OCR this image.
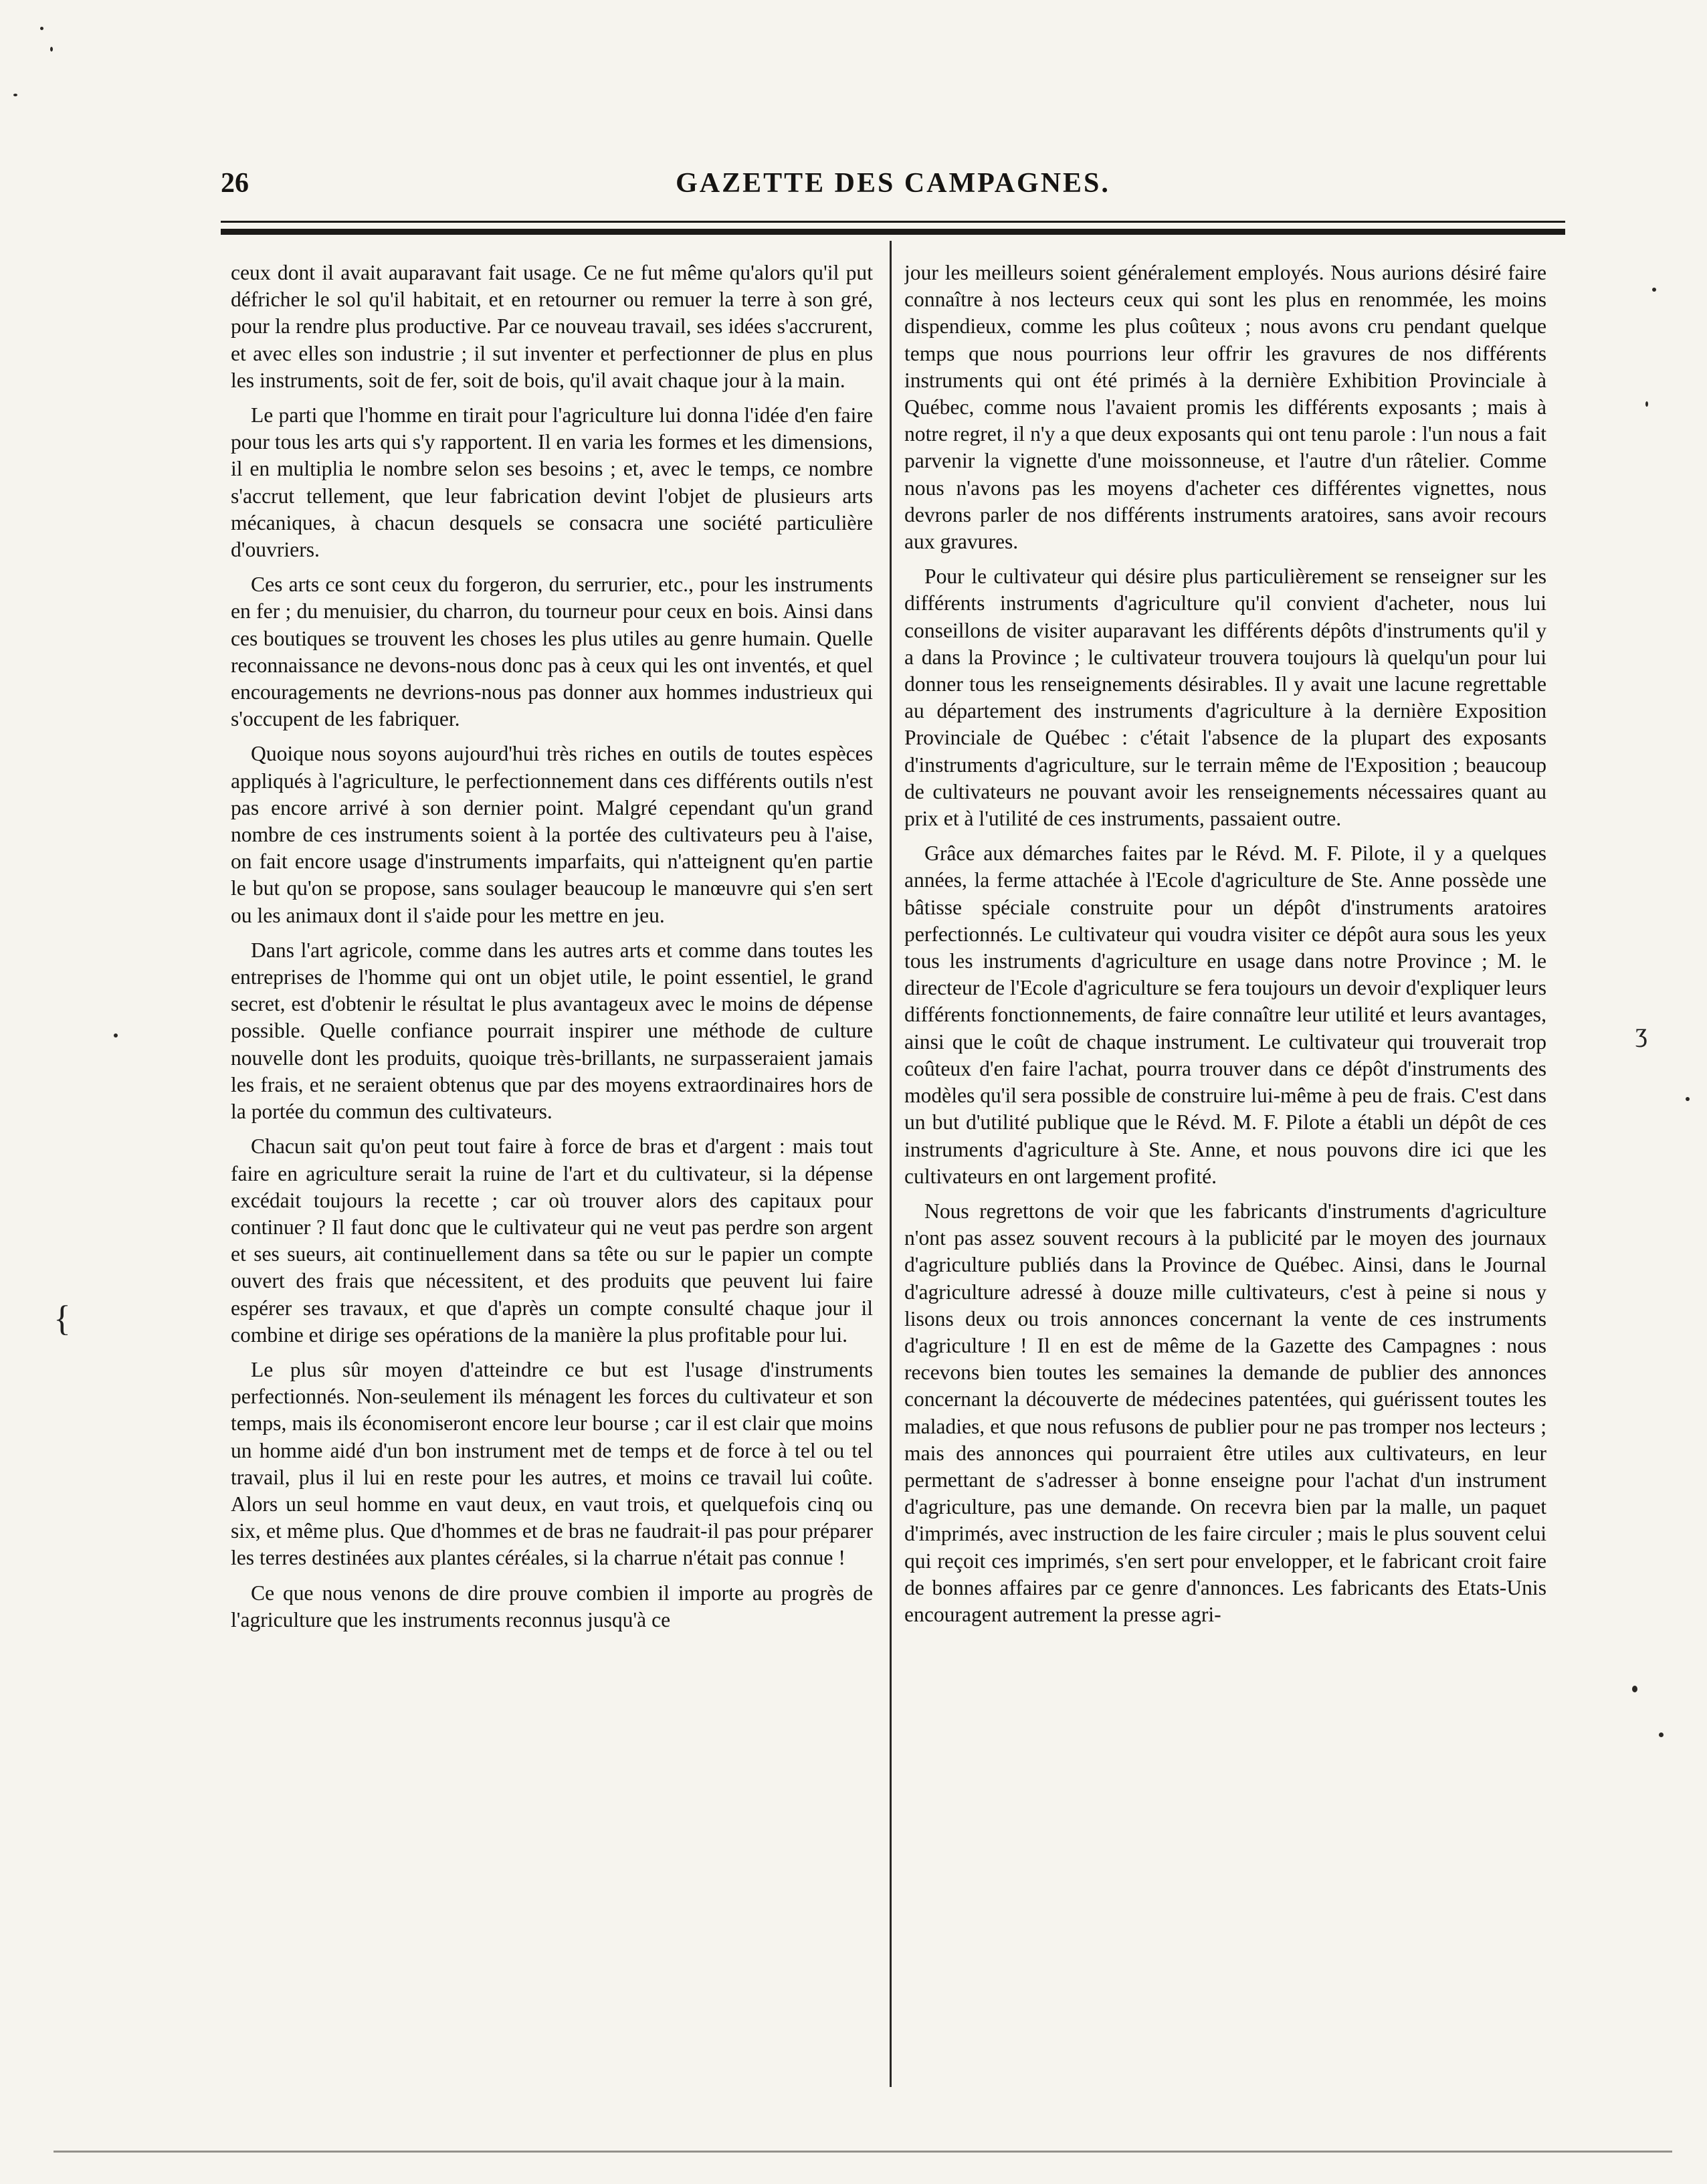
{
ʒ
26	GAZETTE DES CAMPAGNES.

ceux dont il avait auparavant fait usage. Ce ne fut même qu'alors qu'il put défricher le sol qu'il habitait, et en retourner ou remuer la terre à son gré, pour la rendre plus productive. Par ce nouveau travail, ses idées s'accrurent, et avec elles son industrie ; il sut inventer et perfectionner de plus en plus les instruments, soit de fer, soit de bois, qu'il avait chaque jour à la main.

Le parti que l'homme en tirait pour l'agriculture lui donna l'idée d'en faire pour tous les arts qui s'y rapportent. Il en varia les formes et les dimensions, il en multiplia le nombre selon ses besoins ; et, avec le temps, ce nombre s'accrut tellement, que leur fabrication devint l'objet de plusieurs arts mécaniques, à chacun desquels se consacra une société particulière d'ouvriers.

Ces arts ce sont ceux du forgeron, du serrurier, etc., pour les instruments en fer ; du menuisier, du charron, du tourneur pour ceux en bois. Ainsi dans ces boutiques se trouvent les choses les plus utiles au genre humain. Quelle reconnaissance ne devons-nous donc pas à ceux qui les ont inventés, et quel encouragements ne devrions-nous pas donner aux hommes industrieux qui s'occupent de les fabriquer.

Quoique nous soyons aujourd'hui très riches en outils de toutes espèces appliqués à l'agriculture, le perfectionnement dans ces différents outils n'est pas encore arrivé à son dernier point. Malgré cependant qu'un grand nombre de ces instruments soient à la portée des cultivateurs peu à l'aise, on fait encore usage d'instruments imparfaits, qui n'atteignent qu'en partie le but qu'on se propose, sans soulager beaucoup le manœuvre qui s'en sert ou les animaux dont il s'aide pour les mettre en jeu.

Dans l'art agricole, comme dans les autres arts et comme dans toutes les entreprises de l'homme qui ont un objet utile, le point essentiel, le grand secret, est d'obtenir le résultat le plus avantageux avec le moins de dépense possible. Quelle confiance pourrait inspirer une méthode de culture nouvelle dont les produits, quoique très-brillants, ne surpasseraient jamais les frais, et ne seraient obtenus que par des moyens extraordinaires hors de la portée du commun des cultivateurs.

Chacun sait qu'on peut tout faire à force de bras et d'argent : mais tout faire en agriculture serait la ruine de l'art et du cultivateur, si la dépense excédait toujours la recette ; car où trouver alors des capitaux pour continuer ? Il faut donc que le cultivateur qui ne veut pas perdre son argent et ses sueurs, ait continuellement dans sa tête ou sur le papier un compte ouvert des frais que nécessitent, et des produits que peuvent lui faire espérer ses travaux, et que d'après un compte consulté chaque jour il combine et dirige ses opérations de la manière la plus profitable pour lui.

Le plus sûr moyen d'atteindre ce but est l'usage d'instruments perfectionnés. Non-seulement ils ménagent les forces du cultivateur et son temps, mais ils économiseront encore leur bourse ; car il est clair que moins un homme aidé d'un bon instrument met de temps et de force à tel ou tel travail, plus il lui en reste pour les autres, et moins ce travail lui coûte. Alors un seul homme en vaut deux, en vaut trois, et quelquefois cinq ou six, et même plus. Que d'hommes et de bras ne faudrait-il pas pour préparer les terres destinées aux plantes céréales, si la charrue n'était pas connue !

Ce que nous venons de dire prouve combien il importe au progrès de l'agriculture que les instruments reconnus jusqu'à ce

jour les meilleurs soient généralement employés. Nous aurions désiré faire connaître à nos lecteurs ceux qui sont les plus en renommée, les moins dispendieux, comme les plus coûteux ; nous avons cru pendant quelque temps que nous pourrions leur offrir les gravures de nos différents instruments qui ont été primés à la dernière Exhibition Provinciale à Québec, comme nous l'avaient promis les différents exposants ; mais à notre regret, il n'y a que deux exposants qui ont tenu parole : l'un nous a fait parvenir la vignette d'une moissonneuse, et l'autre d'un râtelier. Comme nous n'avons pas les moyens d'acheter ces différentes vignettes, nous devrons parler de nos différents instruments aratoires, sans avoir recours aux gravures.

Pour le cultivateur qui désire plus particulièrement se renseigner sur les différents instruments d'agriculture qu'il convient d'acheter, nous lui conseillons de visiter auparavant les différents dépôts d'instruments qu'il y a dans la Province ; le cultivateur trouvera toujours là quelqu'un pour lui donner tous les renseignements désirables. Il y avait une lacune regrettable au département des instruments d'agriculture à la dernière Exposition Provinciale de Québec : c'était l'absence de la plupart des exposants d'instruments d'agriculture, sur le terrain même de l'Exposition ; beaucoup de cultivateurs ne pouvant avoir les renseignements nécessaires quant au prix et à l'utilité de ces instruments, passaient outre.

Grâce aux démarches faites par le Révd. M. F. Pilote, il y a quelques années, la ferme attachée à l'Ecole d'agriculture de Ste. Anne possède une bâtisse spéciale construite pour un dépôt d'instruments aratoires perfectionnés. Le cultivateur qui voudra visiter ce dépôt aura sous les yeux tous les instruments d'agriculture en usage dans notre Province ; M. le directeur de l'Ecole d'agriculture se fera toujours un devoir d'expliquer leurs différents fonctionnements, de faire connaître leur utilité et leurs avantages, ainsi que le coût de chaque instrument. Le cultivateur qui trouverait trop coûteux d'en faire l'achat, pourra trouver dans ce dépôt d'instruments des modèles qu'il sera possible de construire lui-même à peu de frais. C'est dans un but d'utilité publique que le Révd. M. F. Pilote a établi un dépôt de ces instruments d'agriculture à Ste. Anne, et nous pouvons dire ici que les cultivateurs en ont largement profité.

Nous regrettons de voir que les fabricants d'instruments d'agriculture n'ont pas assez souvent recours à la publicité par le moyen des journaux d'agriculture publiés dans la Province de Québec. Ainsi, dans le Journal d'agriculture adressé à douze mille cultivateurs, c'est à peine si nous y lisons deux ou trois annonces concernant la vente de ces instruments d'agriculture ! Il en est de même de la Gazette des Campagnes : nous recevons bien toutes les semaines la demande de publier des annonces concernant la découverte de médecines patentées, qui guérissent toutes les maladies, et que nous refusons de publier pour ne pas tromper nos lecteurs ; mais des annonces qui pourraient être utiles aux cultivateurs, en leur permettant de s'adresser à bonne enseigne pour l'achat d'un instrument d'agriculture, pas une demande. On recevra bien par la malle, un paquet d'imprimés, avec instruction de les faire circuler ; mais le plus souvent celui qui reçoit ces imprimés, s'en sert pour envelopper, et le fabricant croit faire de bonnes affaires par ce genre d'annonces. Les fabricants des Etats-Unis encouragent autrement la presse agri-
